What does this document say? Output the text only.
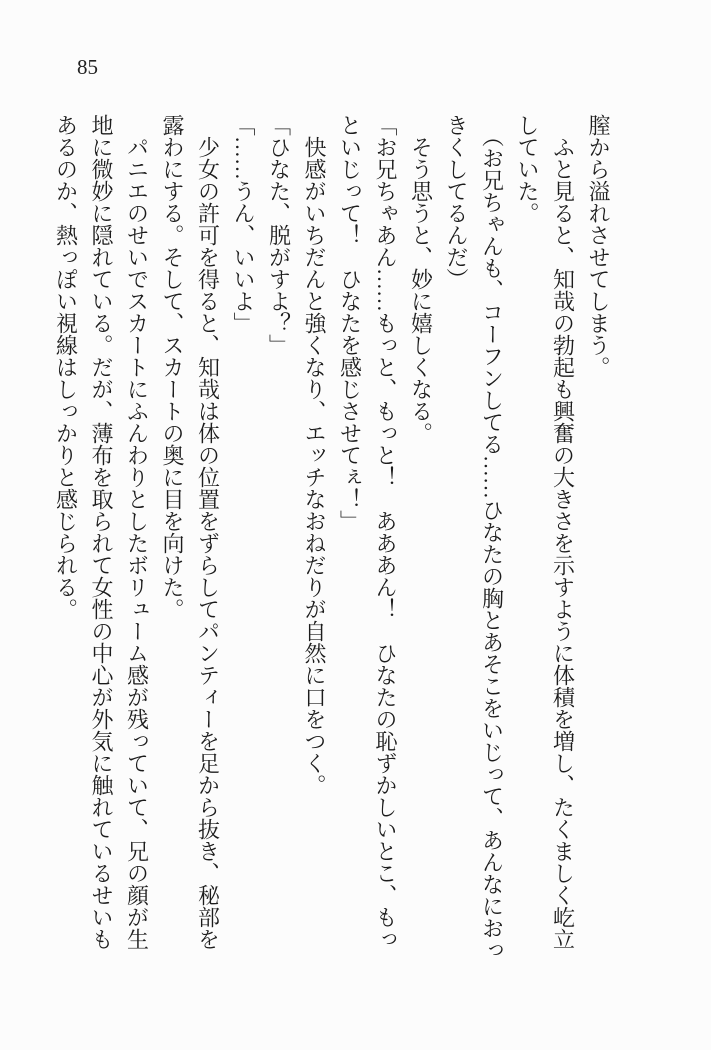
85

膣から溢れさせてしまう。

ふと見ると、知哉の勃起も興奮の大きさを示すように体積を増し、たくましく屹立

していた。

（お兄ちゃんも、コーフンしてる……ひなたの胸とあそこをいじって、あんなにおっ

きくしてるんだ）

そう思うと、妙に嬉しくなる。

「お兄ちゃあん……もっと、もっと！　あああん！　ひなたの恥ずかしいとこ、もっ

といじって！　ひなたを感じさせてぇ！」

快感がいちだんと強くなり、エッチなおねだりが自然に口をつく。

「ひなた、脱がすよ？」

「……うん、いいよ」

少女の許可を得ると、知哉は体の位置をずらしてパンティーを足から抜き、秘部を

露わにする。そして、スカートの奥に目を向けた。

パニエのせいでスカートにふんわりとしたボリューム感が残っていて、兄の顔が生

地に微妙に隠れている。だが、薄布を取られて女性の中心が外気に触れているせいも

あるのか、熱っぽい視線はしっかりと感じられる。
